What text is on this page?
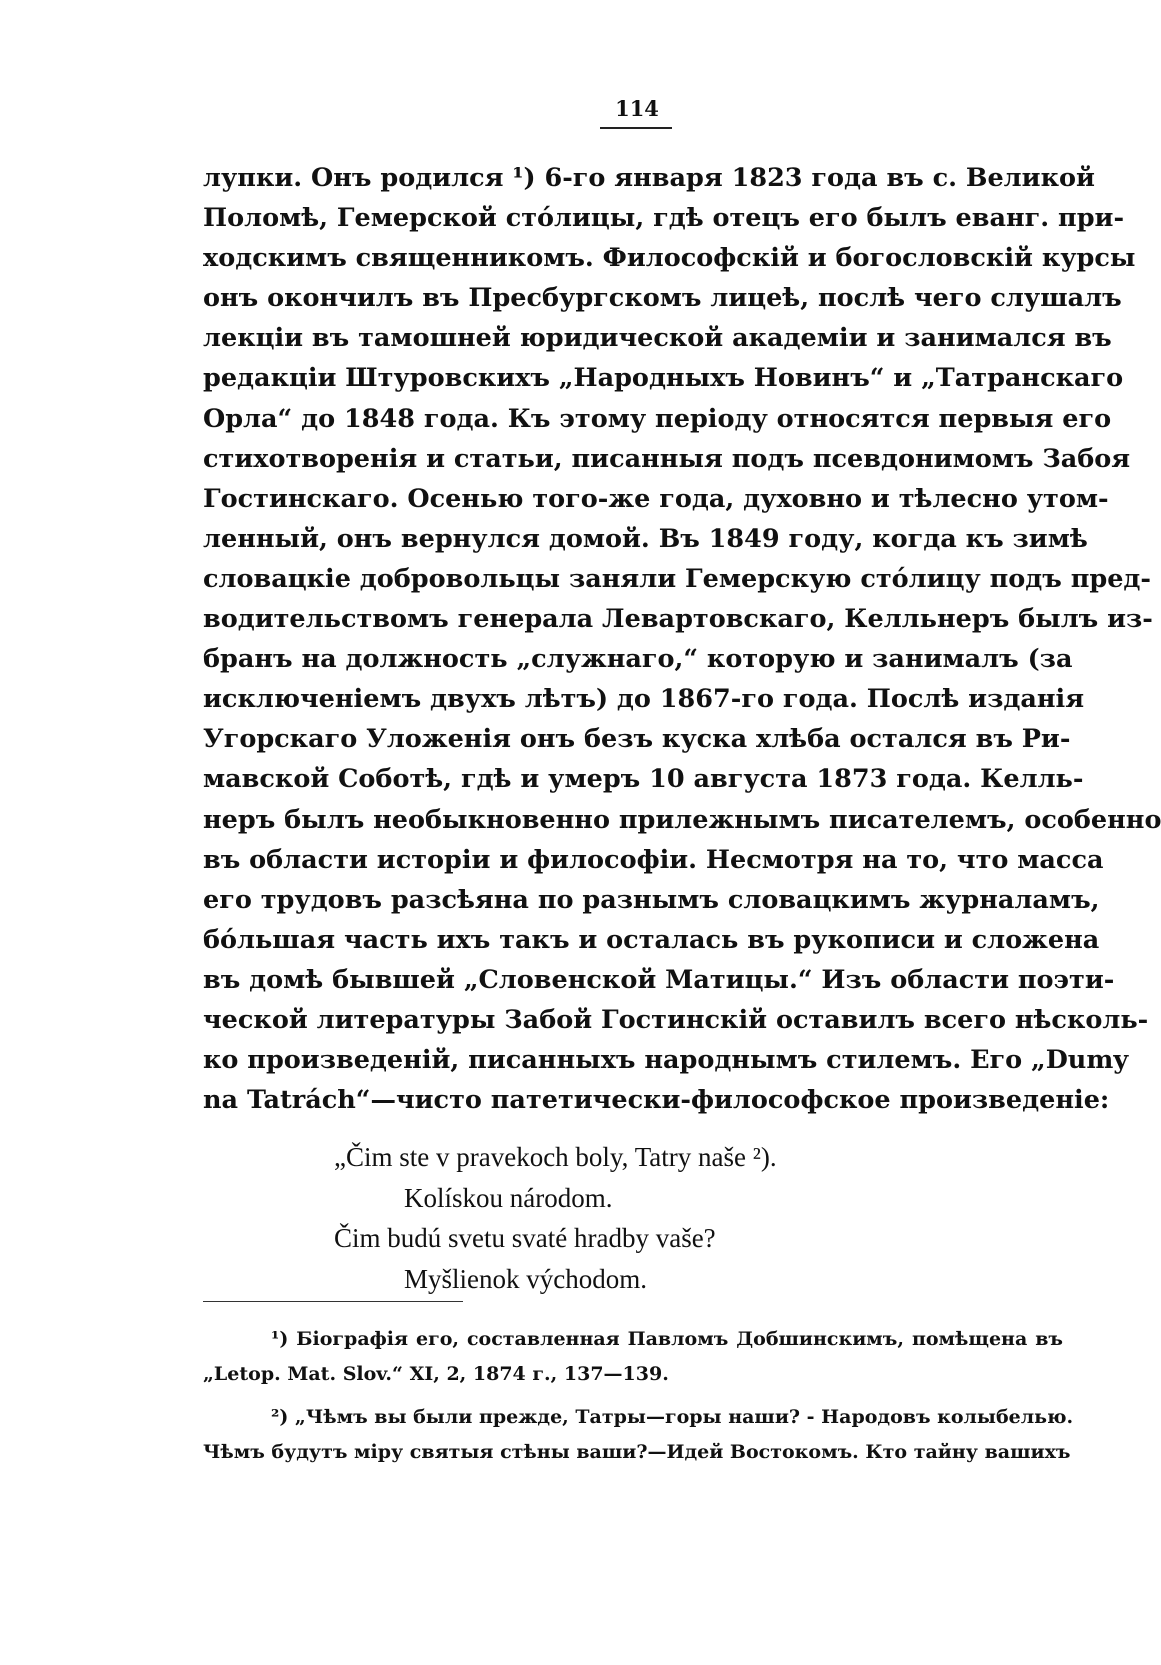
114
лупки. Онъ родился ¹) 6-го января 1823 года въ с. Великой
Поломѣ, Гемерской стóлицы, гдѣ отецъ его былъ еванг. при-
ходскимъ священникомъ. Философскій и богословскій курсы
онъ окончилъ въ Пресбургскомъ лицеѣ, послѣ чего слушалъ
лекціи въ тамошней юридической академіи и занимался въ
редакціи Штуровскихъ „Народныхъ Новинъ“ и „Татранскаго
Орла“ до 1848 года. Къ этому періоду относятся первыя его
стихотворенія и статьи, писанныя подъ псевдонимомъ Забоя
Гостинскаго. Осенью того-же года, духовно и тѣлесно утом-
ленный, онъ вернулся домой. Въ 1849 году, когда къ зимѣ
словацкіе добровольцы заняли Гемерскую стóлицу подъ пред-
водительствомъ генерала Левартовскаго, Келльнеръ былъ из-
бранъ на должность „служнаго,“ которую и занималъ (за
исключеніемъ двухъ лѣтъ) до 1867-го года. Послѣ изданія
Угорскаго Уложенія онъ безъ куска хлѣба остался въ Ри-
мавской Соботѣ, гдѣ и умеръ 10 августа 1873 года. Келль-
неръ былъ необыкновенно прилежнымъ писателемъ, особенно
въ области исторіи и философіи. Несмотря на то, что масса
его трудовъ разсѣяна по разнымъ словацкимъ журналамъ,
бóльшая часть ихъ такъ и осталась въ рукописи и сложена
въ домѣ бывшей „Словенской Матицы.“ Изъ области поэти-
ческой литературы Забой Гостинскій оставилъ всего нѣсколь-
ко произведеній, писанныхъ народнымъ стилемъ. Его „Dumy
na Tatrách“—чисто патетически-философское произведеніе:
„Čim ste v pravekoch boly, Tatry naše ²).
Kolískou národom.
Čim budú svetu svaté hradby vaše?
Myšlienok východom.
¹) Біографія его, составленная Павломъ Добшинскимъ, помѣщена въ
„Letop. Mat. Slov.“ XI, 2, 1874 г., 137—139.
²) „Чѣмъ вы были прежде, Татры—горы наши? - Народовъ колыбелью.
Чѣмъ будутъ міру святыя стѣны ваши?—Идей Востокомъ. Кто тайну вашихъ
